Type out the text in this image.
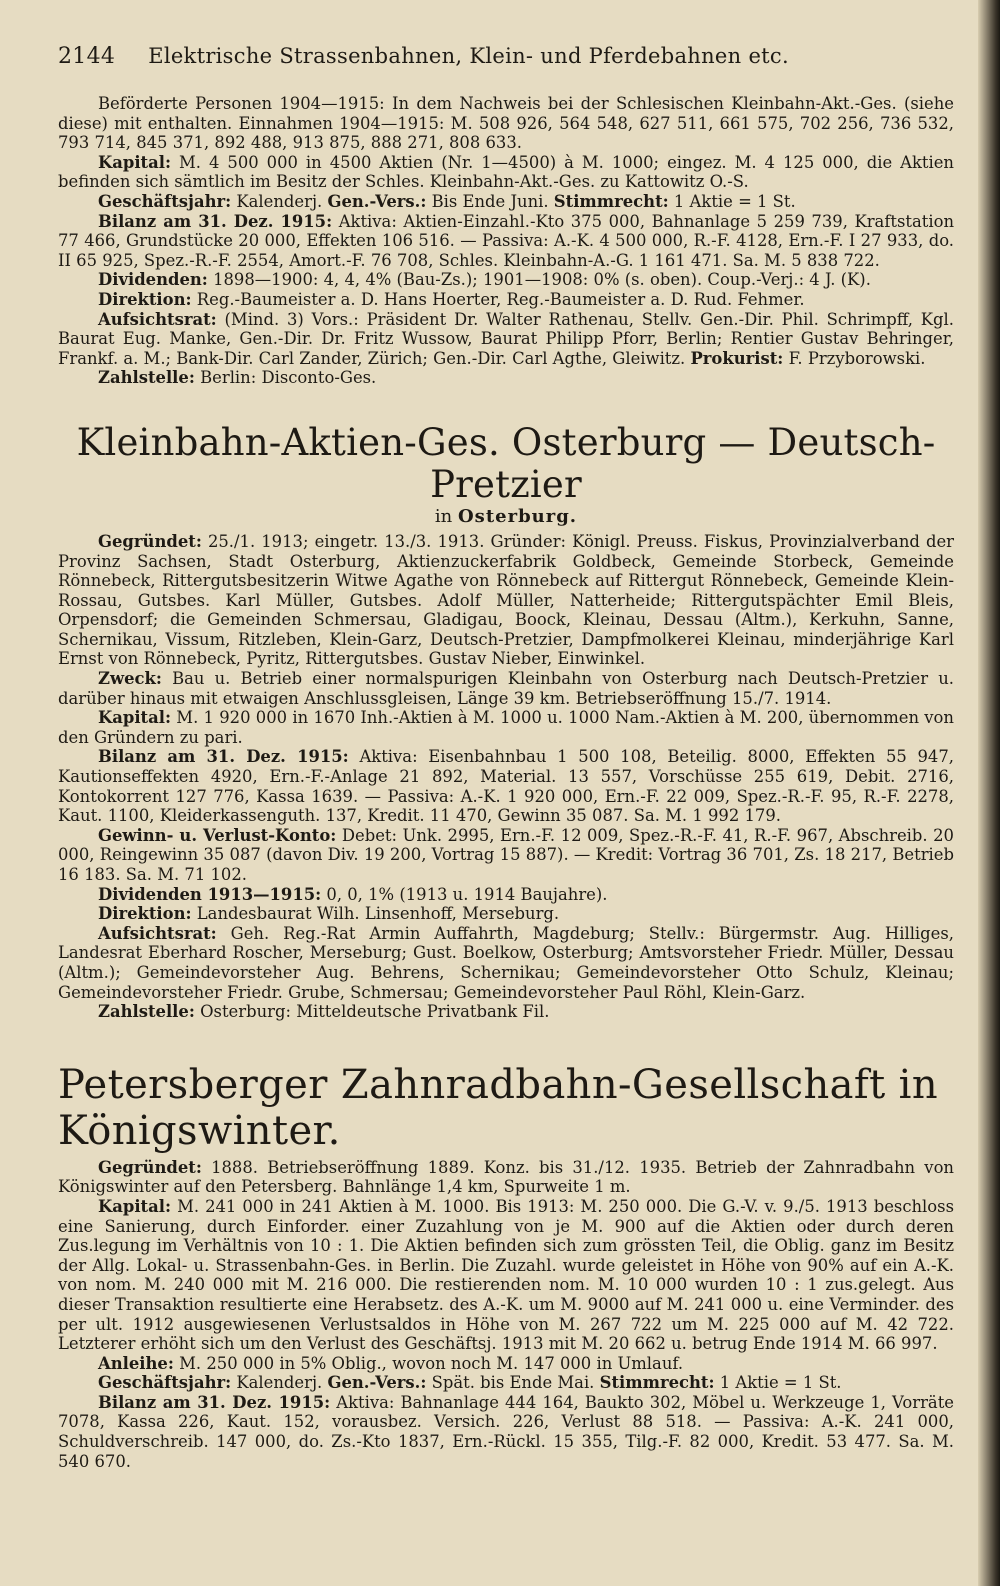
2144 Elektrische Strassenbahnen, Klein- und Pferdebahnen etc.

Beförderte Personen 1904—1915: In dem Nachweis bei der Schlesischen Kleinbahn-Akt.-Ges. (siehe diese) mit enthalten. Einnahmen 1904—1915: M. 508 926, 564 548, 627 511, 661 575, 702 256, 736 532, 793 714, 845 371, 892 488, 913 875, 888 271, 808 633.

Kapital: M. 4 500 000 in 4500 Aktien (Nr. 1—4500) à M. 1000; eingez. M. 4 125 000, die Aktien befinden sich sämtlich im Besitz der Schles. Kleinbahn-Akt.-Ges. zu Kattowitz O.-S.

Geschäftsjahr: Kalenderj. Gen.-Vers.: Bis Ende Juni. Stimmrecht: 1 Aktie = 1 St.

Bilanz am 31. Dez. 1915: Aktiva: Aktien-Einzahl.-Kto 375 000, Bahnanlage 5 259 739, Kraftstation 77 466, Grundstücke 20 000, Effekten 106 516. — Passiva: A.-K. 4 500 000, R.-F. 4128, Ern.-F. I 27 933, do. II 65 925, Spez.-R.-F. 2554, Amort.-F. 76 708, Schles. Kleinbahn-A.-G. 1 161 471. Sa. M. 5 838 722.

Dividenden: 1898—1900: 4, 4, 4% (Bau-Zs.); 1901—1908: 0% (s. oben). Coup.-Verj.: 4 J. (K).

Direktion: Reg.-Baumeister a. D. Hans Hoerter, Reg.-Baumeister a. D. Rud. Fehmer.

Aufsichtsrat: (Mind. 3) Vors.: Präsident Dr. Walter Rathenau, Stellv. Gen.-Dir. Phil. Schrimpff, Kgl. Baurat Eug. Manke, Gen.-Dir. Dr. Fritz Wussow, Baurat Philipp Pforr, Berlin; Rentier Gustav Behringer, Frankf. a. M.; Bank-Dir. Carl Zander, Zürich; Gen.-Dir. Carl Agthe, Gleiwitz. Prokurist: F. Przyborowski.

Zahlstelle: Berlin: Disconto-Ges.

Kleinbahn-Aktien-Ges. Osterburg — Deutsch-Pretzier
in Osterburg.

Gegründet: 25./1. 1913; eingetr. 13./3. 1913. Gründer: Königl. Preuss. Fiskus, Provinzialverband der Provinz Sachsen, Stadt Osterburg, Aktienzuckerfabrik Goldbeck, Gemeinde Storbeck, Gemeinde Rönnebeck, Rittergutsbesitzerin Witwe Agathe von Rönnebeck auf Rittergut Rönnebeck, Gemeinde Klein-Rossau, Gutsbes. Karl Müller, Gutsbes. Adolf Müller, Natterheide; Rittergutspächter Emil Bleis, Orpensdorf; die Gemeinden Schmersau, Gladigau, Boock, Kleinau, Dessau (Altm.), Kerkuhn, Sanne, Schernikau, Vissum, Ritzleben, Klein-Garz, Deutsch-Pretzier, Dampfmolkerei Kleinau, minderjährige Karl Ernst von Rönnebeck, Pyritz, Rittergutsbes. Gustav Nieber, Einwinkel.

Zweck: Bau u. Betrieb einer normalspurigen Kleinbahn von Osterburg nach Deutsch-Pretzier u. darüber hinaus mit etwaigen Anschlussgleisen, Länge 39 km. Betriebseröffnung 15./7. 1914.

Kapital: M. 1 920 000 in 1670 Inh.-Aktien à M. 1000 u. 1000 Nam.-Aktien à M. 200, übernommen von den Gründern zu pari.

Bilanz am 31. Dez. 1915: Aktiva: Eisenbahnbau 1 500 108, Beteilig. 8000, Effekten 55 947, Kautionseffekten 4920, Ern.-F.-Anlage 21 892, Material. 13 557, Vorschüsse 255 619, Debit. 2716, Kontokorrent 127 776, Kassa 1639. — Passiva: A.-K. 1 920 000, Ern.-F. 22 009, Spez.-R.-F. 95, R.-F. 2278, Kaut. 1100, Kleiderkassenguth. 137, Kredit. 11 470, Gewinn 35 087. Sa. M. 1 992 179.

Gewinn- u. Verlust-Konto: Debet: Unk. 2995, Ern.-F. 12 009, Spez.-R.-F. 41, R.-F. 967, Abschreib. 20 000, Reingewinn 35 087 (davon Div. 19 200, Vortrag 15 887). — Kredit: Vortrag 36 701, Zs. 18 217, Betrieb 16 183. Sa. M. 71 102.

Dividenden 1913—1915: 0, 0, 1% (1913 u. 1914 Baujahre).

Direktion: Landesbaurat Wilh. Linsenhoff, Merseburg.

Aufsichtsrat: Geh. Reg.-Rat Armin Auffahrth, Magdeburg; Stellv.: Bürgermstr. Aug. Hilliges, Landesrat Eberhard Roscher, Merseburg; Gust. Boelkow, Osterburg; Amtsvorsteher Friedr. Müller, Dessau (Altm.); Gemeindevorsteher Aug. Behrens, Schernikau; Gemeindevorsteher Otto Schulz, Kleinau; Gemeindevorsteher Friedr. Grube, Schmersau; Gemeindevorsteher Paul Röhl, Klein-Garz.

Zahlstelle: Osterburg: Mitteldeutsche Privatbank Fil.

Petersberger Zahnradbahn-Gesellschaft in Königswinter.

Gegründet: 1888. Betriebseröffnung 1889. Konz. bis 31./12. 1935. Betrieb der Zahnradbahn von Königswinter auf den Petersberg. Bahnlänge 1,4 km, Spurweite 1 m.

Kapital: M. 241 000 in 241 Aktien à M. 1000. Bis 1913: M. 250 000. Die G.-V. v. 9./5. 1913 beschloss eine Sanierung, durch Einforder. einer Zuzahlung von je M. 900 auf die Aktien oder durch deren Zus.legung im Verhältnis von 10 : 1. Die Aktien befinden sich zum grössten Teil, die Oblig. ganz im Besitz der Allg. Lokal- u. Strassenbahn-Ges. in Berlin. Die Zuzahl. wurde geleistet in Höhe von 90% auf ein A.-K. von nom. M. 240 000 mit M. 216 000. Die restierenden nom. M. 10 000 wurden 10 : 1 zus.gelegt. Aus dieser Transaktion resultierte eine Herabsetz. des A.-K. um M. 9000 auf M. 241 000 u. eine Verminder. des per ult. 1912 ausgewiesenen Verlustsaldos in Höhe von M. 267 722 um M. 225 000 auf M. 42 722. Letzterer erhöht sich um den Verlust des Geschäftsj. 1913 mit M. 20 662 u. betrug Ende 1914 M. 66 997.

Anleihe: M. 250 000 in 5% Oblig., wovon noch M. 147 000 in Umlauf.

Geschäftsjahr: Kalenderj. Gen.-Vers.: Spät. bis Ende Mai. Stimmrecht: 1 Aktie = 1 St.

Bilanz am 31. Dez. 1915: Aktiva: Bahnanlage 444 164, Baukto 302, Möbel u. Werkzeuge 1, Vorräte 7078, Kassa 226, Kaut. 152, vorausbez. Versich. 226, Verlust 88 518. — Passiva: A.-K. 241 000, Schuldverschreib. 147 000, do. Zs.-Kto 1837, Ern.-Rückl. 15 355, Tilg.-F. 82 000, Kredit. 53 477. Sa. M. 540 670.
